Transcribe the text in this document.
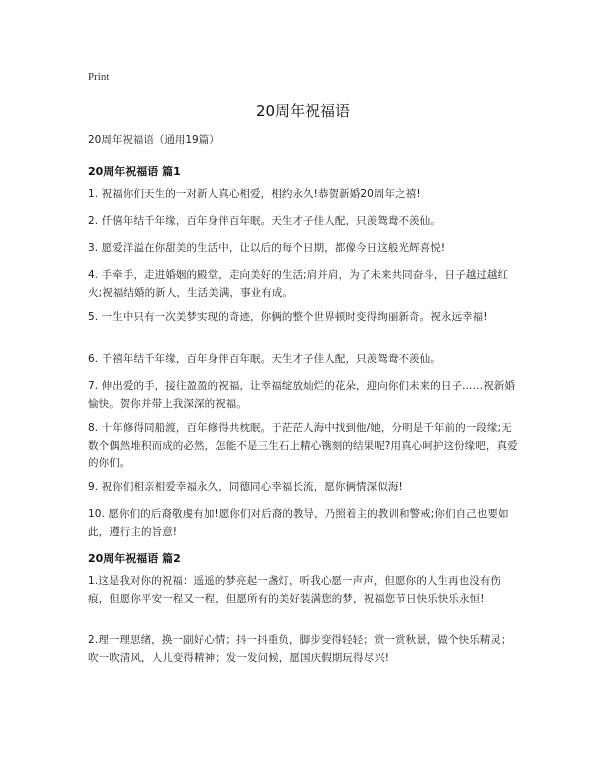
Print
20周年祝福语
20周年祝福语（通用19篇）
20周年祝福语 篇1
1. 祝福你们天生的一对新人真心相爱，相约永久!恭贺新婚20周年之禧!
2. 仟僖年结千年缘，百年身伴百年眠。天生才子佳人配，只羡鸳鸯不羡仙。
3. 愿爱洋溢在你甜美的生活中，让以后的每个日期，都像今日这般光辉喜悦!
4. 手牵手，走进婚姻的殿堂，走向美好的生活;肩并肩，为了未来共同奋斗，日子越过越红火;祝福结婚的新人，生活美满，事业有成。
5. 一生中只有一次美梦实现的奇迹，你俩的整个世界顿时变得绚丽新奇。祝永远幸福!
6. 千禧年结千年缘，百年身伴百年眠。天生才子佳人配，只羡鸳鸯不羡仙。
7. 伸出爱的手，接往盈盈的祝福，让幸福绽放灿烂的花朵，迎向你们未来的日子……祝新婚愉快。贺你并带上我深深的祝福。
8. 十年修得同船渡，百年修得共枕眠。于茫茫人海中找到他/她，分明是千年前的一段缘;无数个偶然堆积而成的必然，怎能不是三生石上精心镌刻的结果呢?用真心呵护这份缘吧，真爱的你们。
9. 祝你们相亲相爱幸福永久，同德同心幸福长流，愿你俩情深似海!
10. 愿你们的后裔敬虔有加!愿你们对后裔的教导，乃照着主的教训和警戒;你们自己也要如此，遵行主的旨意!
20周年祝福语 篇2
1.这是我对你的祝福：遥遥的梦亮起一盏灯，听我心愿一声声，但愿你的人生再也没有伤痕，但愿你平安一程又一程，但愿所有的美好装满您的梦，祝福您节日快乐快乐永恒!
2.理一理思绪，换一副好心情；抖一抖重负，脚步变得轻轻；赏一赏秋景，做个快乐精灵；吹一吹清风，人儿变得精神；发一发问候，愿国庆假期玩得尽兴!
